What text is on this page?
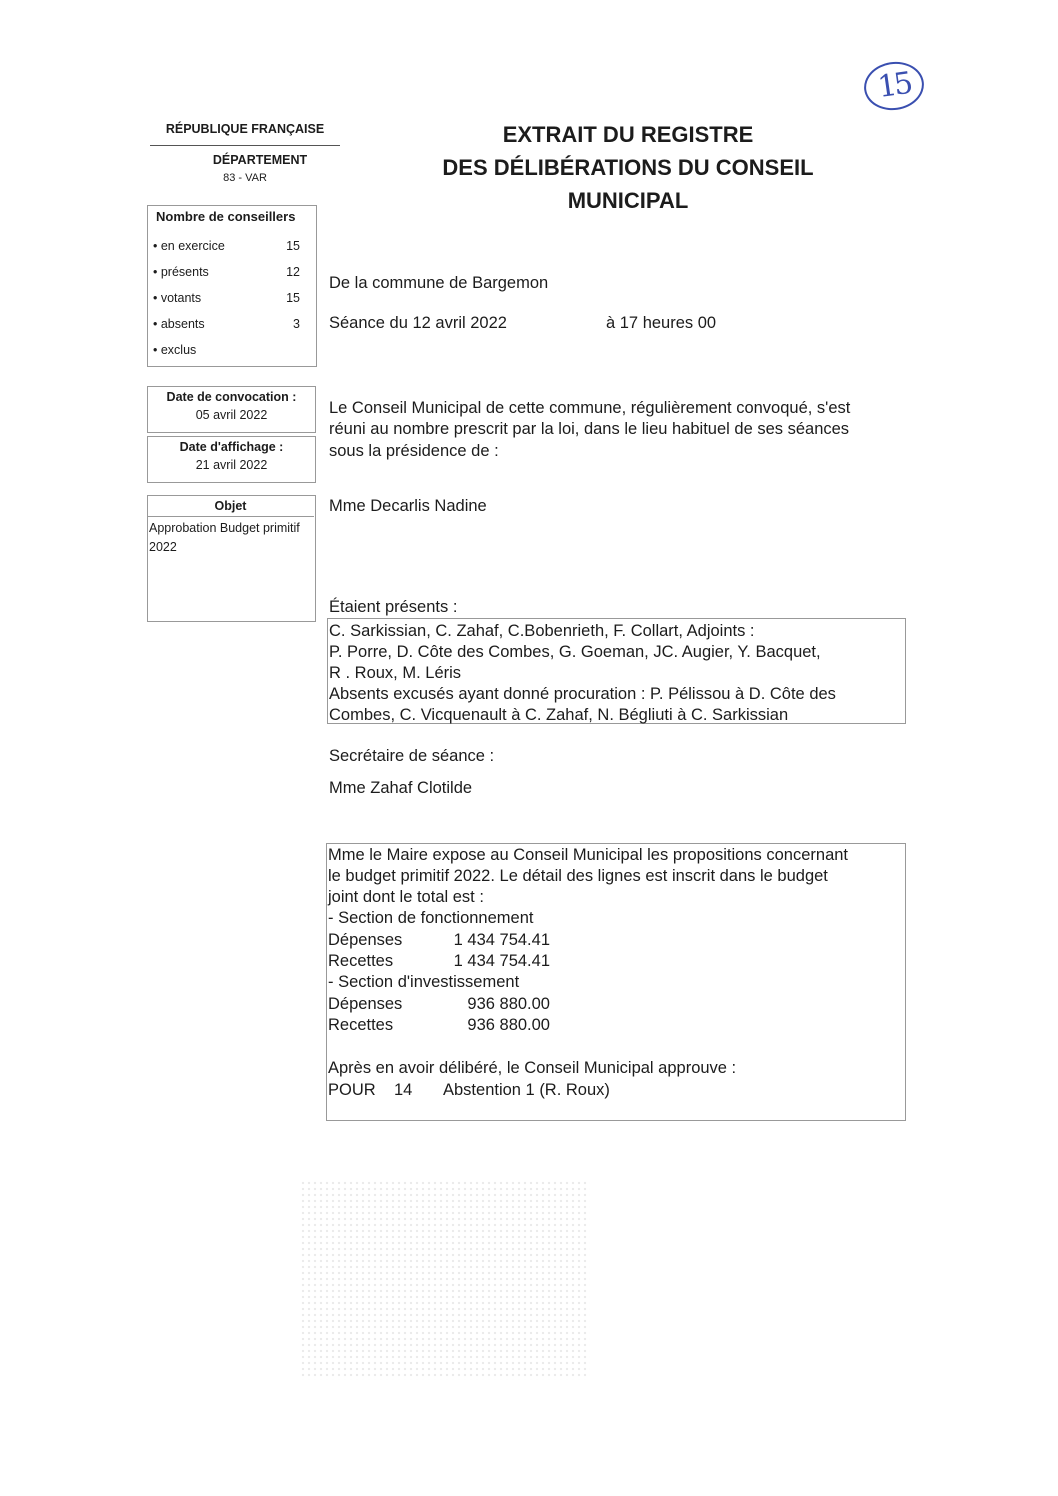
15
RÉPUBLIQUE FRANÇAISE
DÉPARTEMENT
83 - VAR
EXTRAIT DU REGISTRE
DES DÉLIBÉRATIONS DU CONSEIL
MUNICIPAL
Nombre de conseillers
• en exercice	15
• présents	12
• votants	15
• absents	3
• exclus
Date de convocation :
05 avril 2022
Date d'affichage :
21 avril 2022
Objet
Approbation Budget primitif 2022
De la commune de Bargemon
Séance du 12 avril 2022	à 17 heures 00
Le Conseil Municipal de cette commune, régulièrement convoqué, s'est
réuni au nombre prescrit par la loi, dans le lieu habituel de ses séances
sous la présidence de :
Mme Decarlis Nadine
Étaient présents :
C. Sarkissian, C. Zahaf, C.Bobenrieth, F. Collart, Adjoints :
P. Porre, D. Côte des Combes, G. Goeman, JC. Augier, Y. Bacquet,
R . Roux, M. Léris
Absents excusés ayant donné procuration : P. Pélissou à D. Côte des
Combes, C. Vicquenault à C. Zahaf, N. Bégliuti à C. Sarkissian
Secrétaire de séance :
Mme Zahaf Clotilde
Mme le Maire expose au Conseil Municipal les propositions concernant
le budget primitif 2022. Le détail des lignes est inscrit dans le budget
joint dont le total est :
- Section de fonctionnement
Dépenses	1 434 754.41
Recettes	1 434 754.41
- Section d'investissement
Dépenses	936 880.00
Recettes	936 880.00
Après en avoir délibéré, le Conseil Municipal approuve :
POUR 14 Abstention 1 (R. Roux)
